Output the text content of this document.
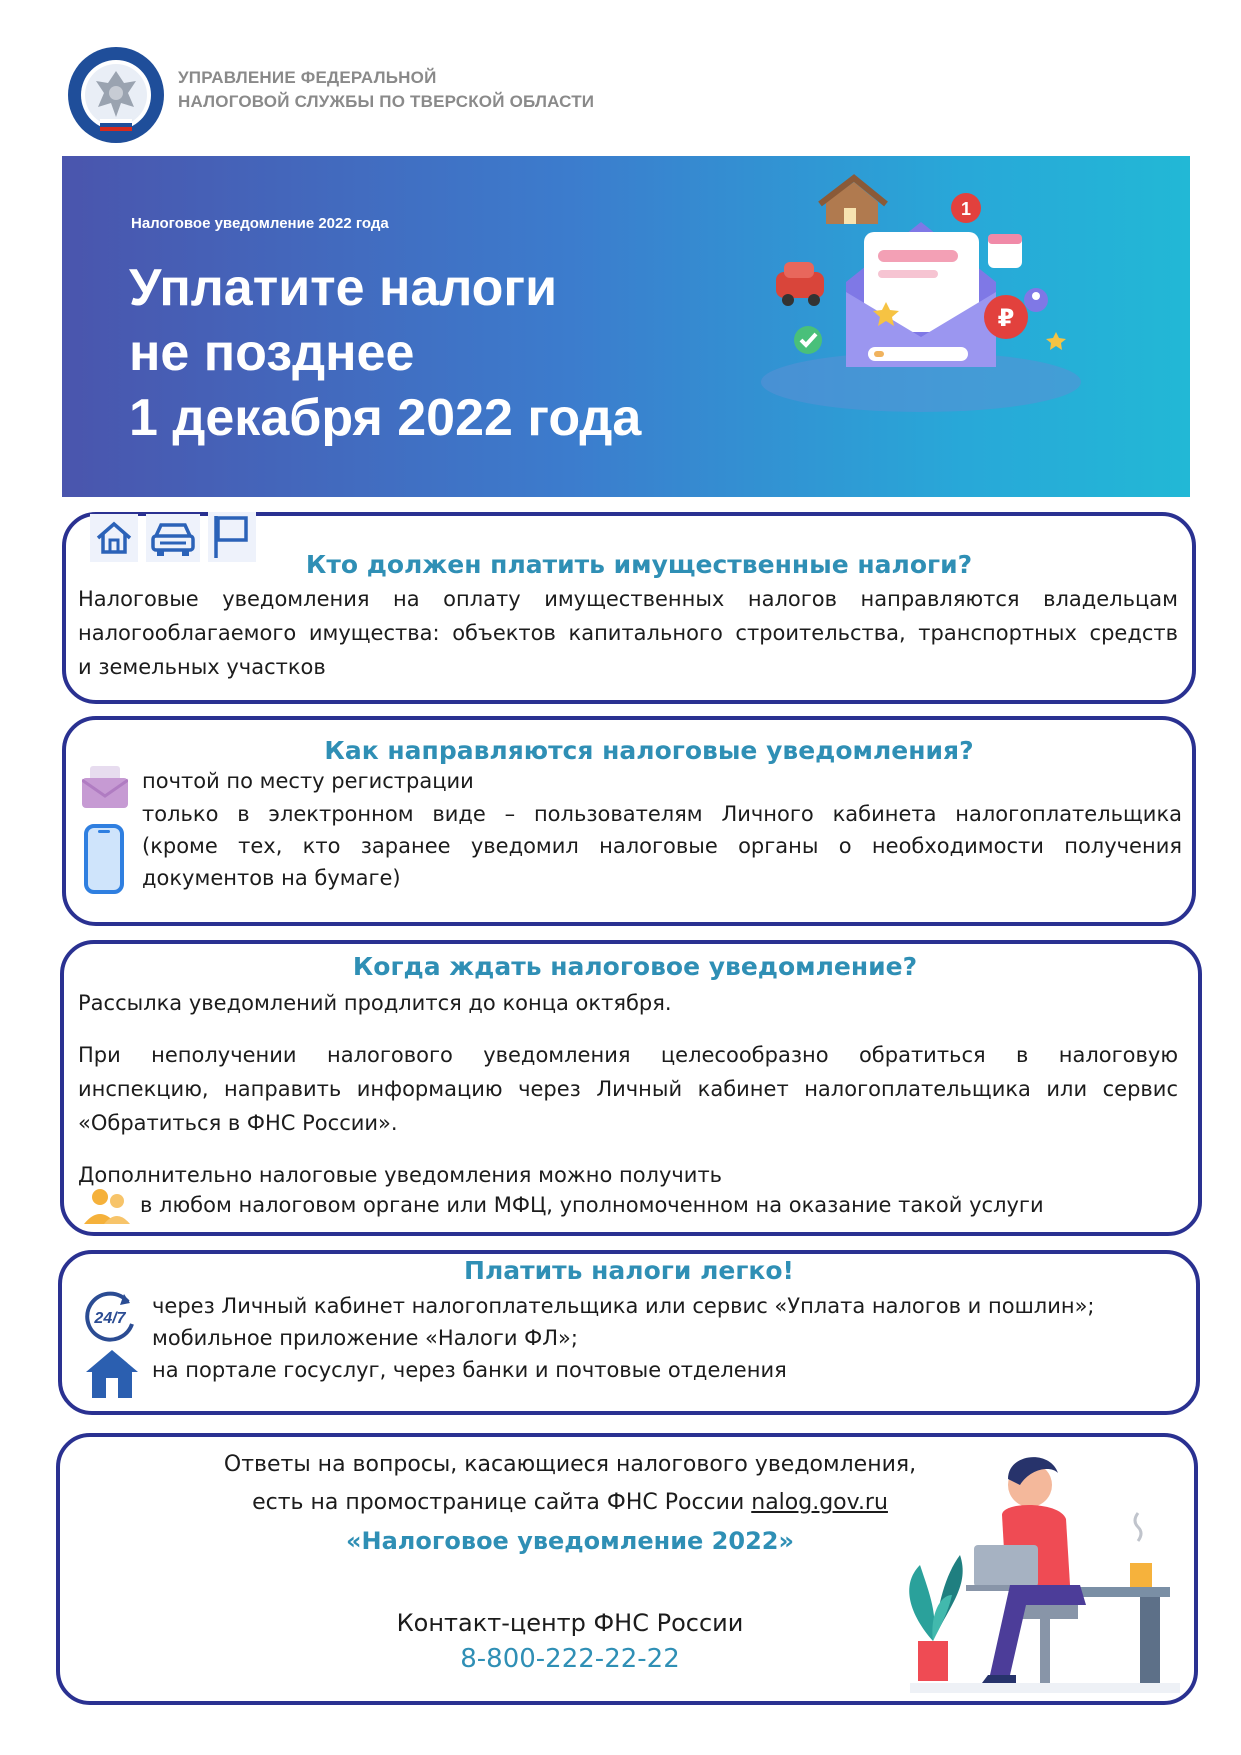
УПРАВЛЕНИЕ ФЕДЕРАЛЬНОЙ
НАЛОГОВОЙ СЛУЖБЫ ПО ТВЕРСКОЙ ОБЛАСТИ
Налоговое уведомление 2022 года
Уплатите налоги
не позднее
1 декабря 2022 года
1
₽
Кто должен платить имущественные налоги?
Налоговые уведомления на оплату имущественных налогов направляются владельцам
налогооблагаемого имущества: объектов капитального строительства, транспортных средств
и земельных участков
Как направляются налоговые уведомления?
почтой по месту регистрации
только в электронном виде – пользователям Личного кабинета налогоплательщика
(кроме тех, кто заранее уведомил налоговые органы о необходимости получения
документов на бумаге)
Когда ждать налоговое уведомление?
Рассылка уведомлений продлится до конца октября.
При неполучении налогового уведомления целесообразно обратиться в налоговую
инспекцию, направить информацию через Личный кабинет налогоплательщика или сервис
«Обратиться в ФНС России».
Дополнительно налоговые уведомления можно получить
в любом налоговом органе или МФЦ, уполномоченном на оказание такой услуги
Платить налоги легко!
24/7
через Личный кабинет налогоплательщика или сервис «Уплата налогов и пошлин»;
мобильное приложение «Налоги ФЛ»;
на портале госуслуг, через банки и почтовые отделения
Ответы на вопросы, касающиеся налогового уведомления,
есть на промостранице сайта ФНС России nalog.gov.ru
«Налоговое уведомление 2022»
Контакт-центр ФНС России
8-800-222-22-22
